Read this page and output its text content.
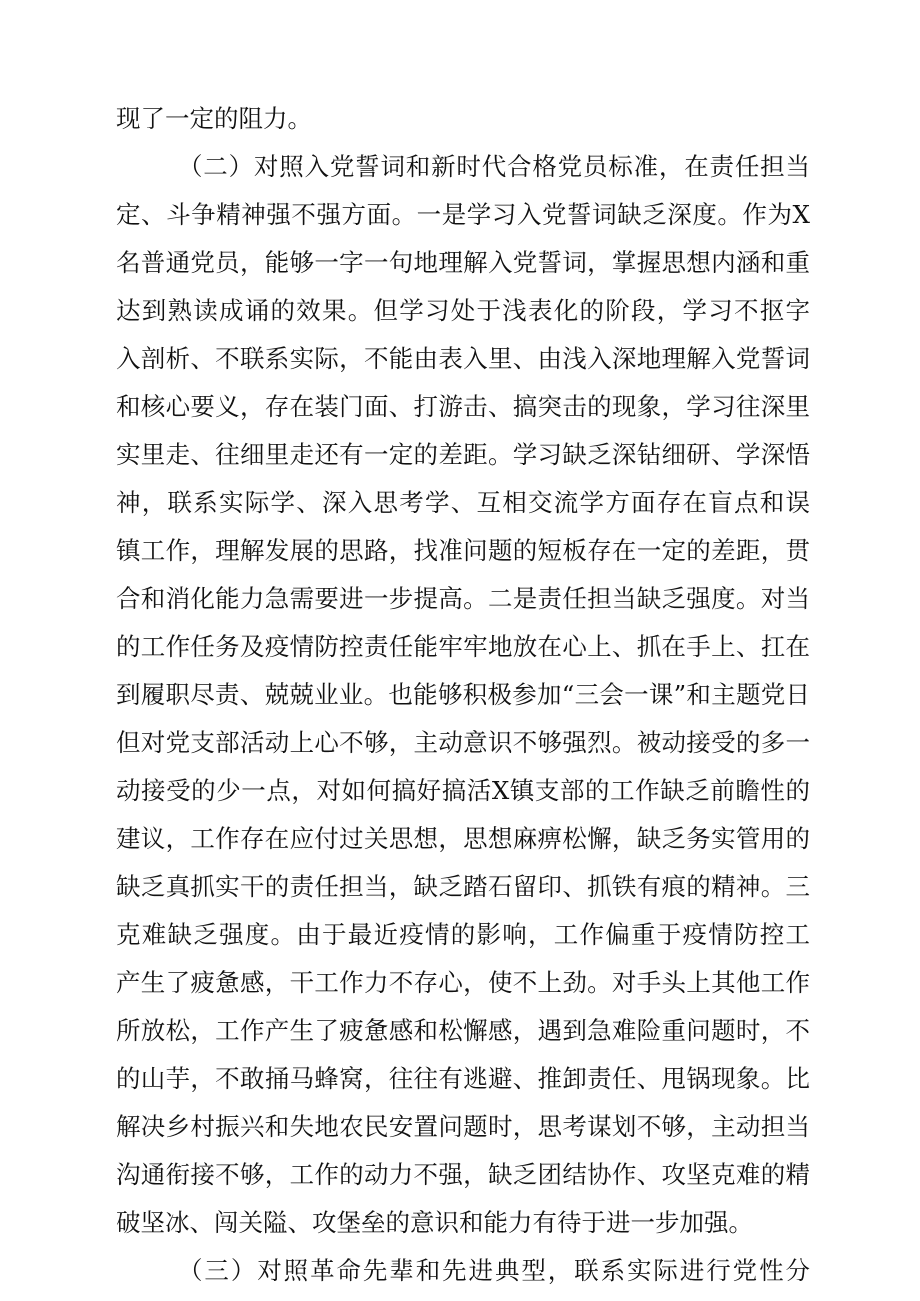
现了一定的阻力。
（二）对照入党誓词和新时代合格党员标准，在责任担当
定、斗争精神强不强方面。一是学习入党誓词缺乏深度。作为X
名普通党员，能够一字一句地理解入党誓词，掌握思想内涵和重
达到熟读成诵的效果。但学习处于浅表化的阶段，学习不抠字
入剖析、不联系实际，不能由表入里、由浅入深地理解入党誓词
和核心要义，存在装门面、打游击、搞突击的现象，学习往深里
实里走、往细里走还有一定的差距。学习缺乏深钻细研、学深悟
神，联系实际学、深入思考学、互相交流学方面存在盲点和误
镇工作，理解发展的思路，找准问题的短板存在一定的差距，贯
合和消化能力急需要进一步提高。二是责任担当缺乏强度。对当
的工作任务及疫情防控责任能牢牢地放在心上、抓在手上、扛在
到履职尽责、兢兢业业。也能够积极参加“三会一课”和主题党日
但对党支部活动上心不够，主动意识不够强烈。被动接受的多一
动接受的少一点，对如何搞好搞活X镇支部的工作缺乏前瞻性的
建议，工作存在应付过关思想，思想麻痹松懈，缺乏务实管用的
缺乏真抓实干的责任担当，缺乏踏石留印、抓铁有痕的精神。三
克难缺乏强度。由于最近疫情的影响，工作偏重于疫情防控工
产生了疲惫感，干工作力不存心，使不上劲。对手头上其他工作
所放松，工作产生了疲惫感和松懈感，遇到急难险重问题时，不
的山芋，不敢捅马蜂窝，往往有逃避、推卸责任、甩锅现象。比
解决乡村振兴和失地农民安置问题时，思考谋划不够，主动担当
沟通衔接不够，工作的动力不强，缺乏团结协作、攻坚克难的精
破坚冰、闯关隘、攻堡垒的意识和能力有待于进一步加强。
（三）对照革命先辈和先进典型，联系实际进行党性分
